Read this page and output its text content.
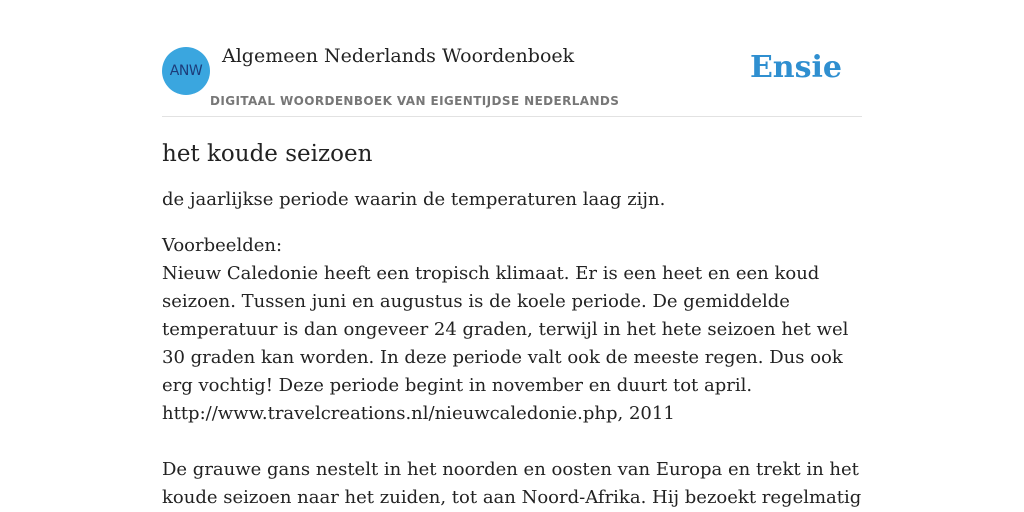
ANW
Algemeen Nederlands Woordenboek
DIGITAAL WOORDENBOEK VAN EIGENTIJDSE NEDERLANDS
Ensie
het koude seizoen

de jaarlijkse periode waarin de temperaturen laag zijn.

Voorbeelden:
Nieuw Caledonie heeft een tropisch klimaat. Er is een heet en een koud seizoen. Tussen juni en augustus is de koele periode. De gemiddelde temperatuur is dan ongeveer 24 graden, terwijl in het hete seizoen het wel 30 graden kan worden. In deze periode valt ook de meeste regen. Dus ook erg vochtig! Deze periode begint in november en duurt tot april.
http://www.travelcreations.nl/nieuwcaledonie.php, 2011
De grauwe gans nestelt in het noorden en oosten van Europa en trekt in het koude seizoen naar het zuiden, tot aan Noord-Afrika. Hij bezoekt regelmatig
